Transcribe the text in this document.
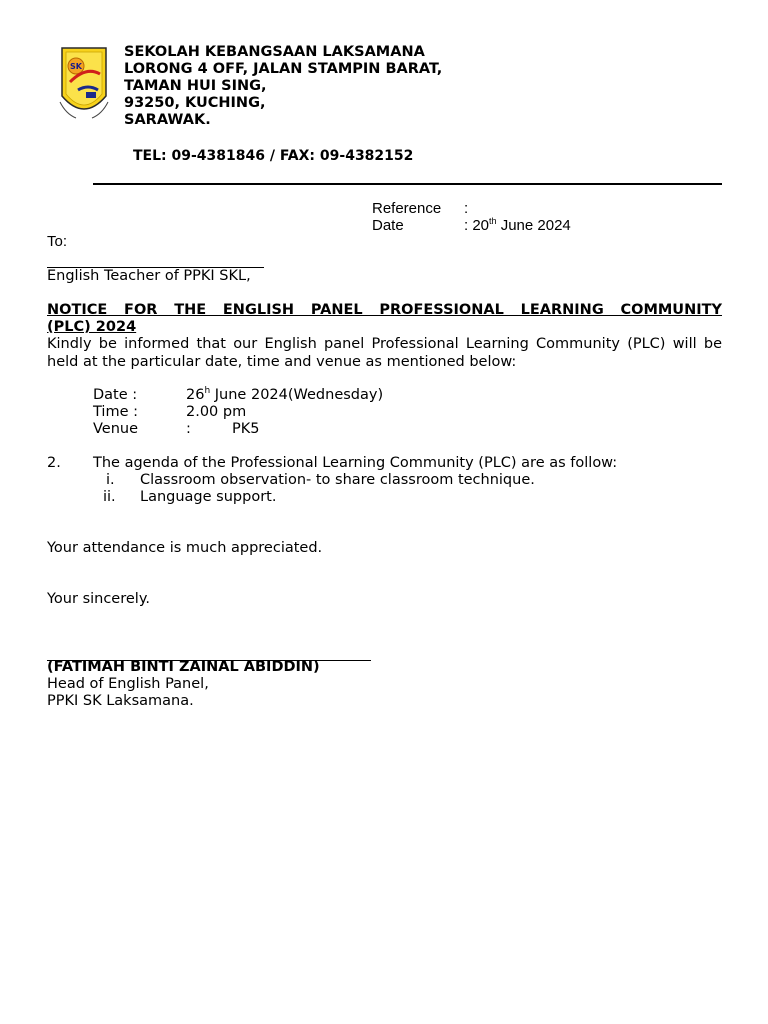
SK
SEKOLAH KEBANGSAAN LAKSAMANA
LORONG 4 OFF, JALAN STAMPIN BARAT,
TAMAN HUI SING,
93250, KUCHING,
SARAWAK.
TEL: 09-4381846 / FAX: 09-4382152
Reference :
Date	: 20th June 2024
To:
English Teacher of PPKI SKL,
NOTICE FOR THE ENGLISH PANEL PROFESSIONAL LEARNING COMMUNITY
(PLC) 2024
Kindly be informed that our English panel Professional Learning Community (PLC) will be held at the particular date, time and venue as mentioned below:
Date :	26$^h$ June 2024(Wednesday)
Time :	2.00 pm
Venue	:	PK5
2. The agenda of the Professional Learning Community (PLC) are as follow:
i. Classroom observation- to share classroom technique.
ii. Language support.
Your attendance is much appreciated.
Your sincerely.
(FATIMAH BINTI ZAINAL ABIDDIN)
Head of English Panel,
PPKI SK Laksamana.
